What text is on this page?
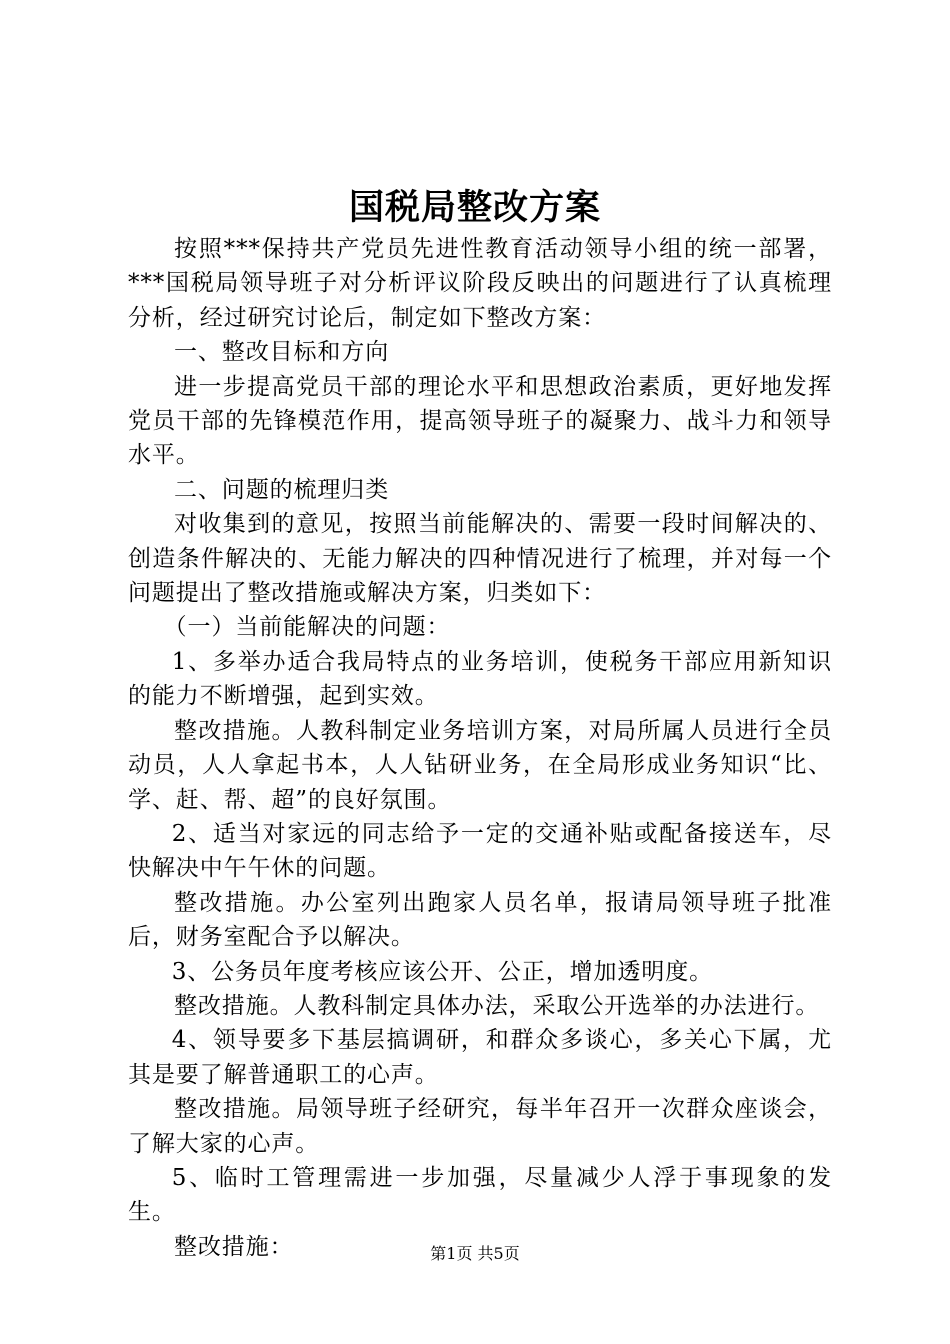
国税局整改方案

按照***保持共产党员先进性教育活动领导小组的统一部署，***国税局领导班子对分析评议阶段反映出的问题进行了认真梳理分析，经过研究讨论后，制定如下整改方案：

一、整改目标和方向

进一步提高党员干部的理论水平和思想政治素质，更好地发挥党员干部的先锋模范作用，提高领导班子的凝聚力、战斗力和领导水平。

二、问题的梳理归类

对收集到的意见，按照当前能解决的、需要一段时间解决的、创造条件解决的、无能力解决的四种情况进行了梳理，并对每一个问题提出了整改措施或解决方案，归类如下：

（一）当前能解决的问题：

1、多举办适合我局特点的业务培训，使税务干部应用新知识的能力不断增强，起到实效。

整改措施。人教科制定业务培训方案，对局所属人员进行全员动员，人人拿起书本，人人钻研业务，在全局形成业务知识“比、学、赶、帮、超”的良好氛围。

2、适当对家远的同志给予一定的交通补贴或配备接送车，尽快解决中午午休的问题。

整改措施。办公室列出跑家人员名单，报请局领导班子批准后，财务室配合予以解决。

3、公务员年度考核应该公开、公正，增加透明度。

整改措施。人教科制定具体办法，采取公开选举的办法进行。

4、领导要多下基层搞调研，和群众多谈心，多关心下属，尤其是要了解普通职工的心声。

整改措施。局领导班子经研究，每半年召开一次群众座谈会，了解大家的心声。

5、临时工管理需进一步加强，尽量减少人浮于事现象的发生。

整改措施：	第1页 共5页
